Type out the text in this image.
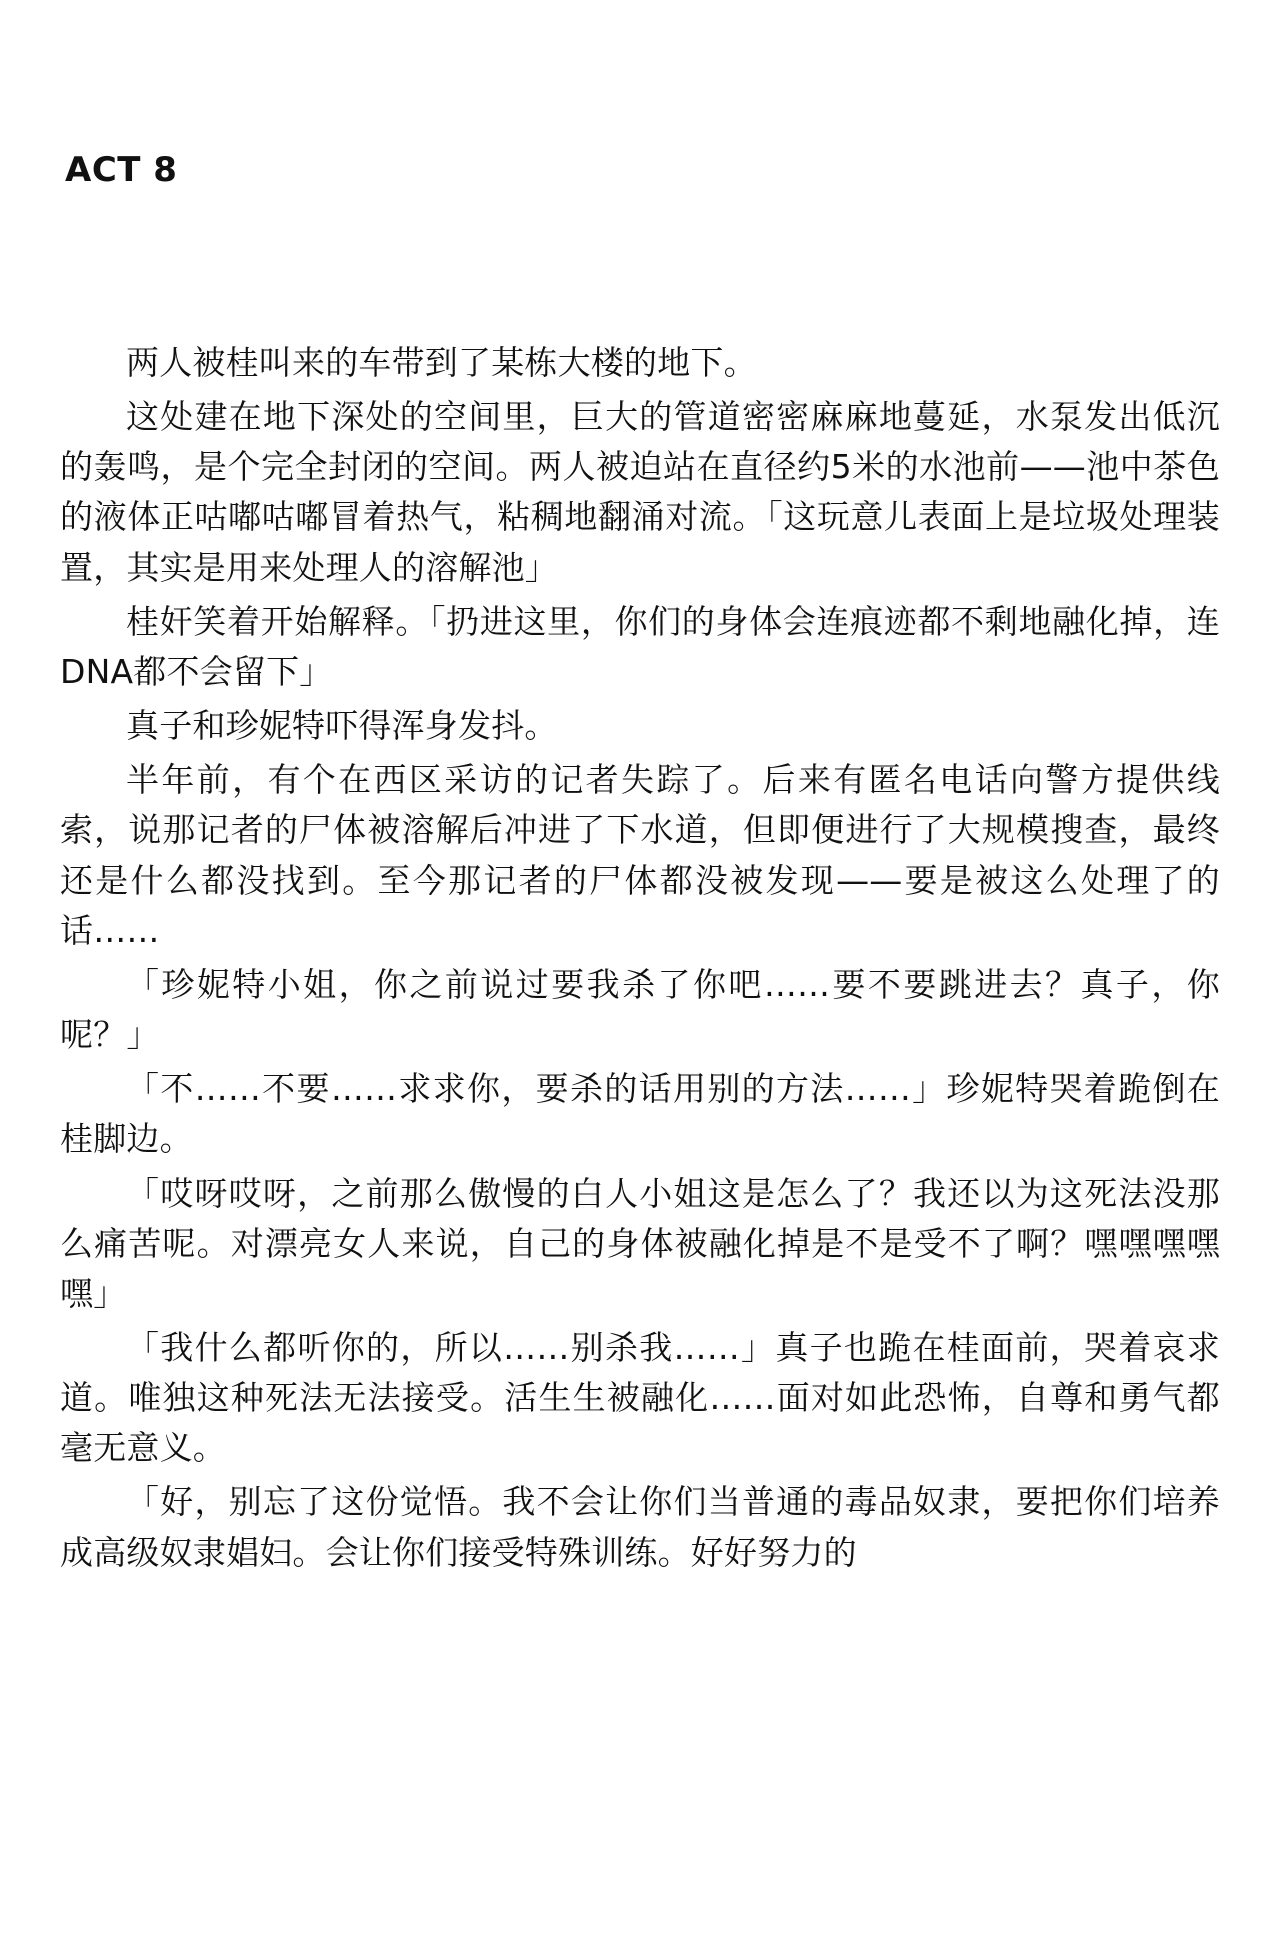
ACT 8

两人被桂叫来的车带到了某栋大楼的地下。

这处建在地下深处的空间里，巨大的管道密密麻麻地蔓延，水泵发出低沉的轰鸣，是个完全封闭的空间。两人被迫站在直径约5米的水池前——池中茶色的液体正咕嘟咕嘟冒着热气，粘稠地翻涌对流。「这玩意儿表面上是垃圾处理装置，其实是用来处理人的溶解池」

桂奸笑着开始解释。「扔进这里，你们的身体会连痕迹都不剩地融化掉，连DNA都不会留下」

真子和珍妮特吓得浑身发抖。

半年前，有个在西区采访的记者失踪了。后来有匿名电话向警方提供线索，说那记者的尸体被溶解后冲进了下水道，但即便进行了大规模搜查，最终还是什么都没找到。至今那记者的尸体都没被发现——要是被这么处理了的话……

「珍妮特小姐，你之前说过要我杀了你吧……要不要跳进去？真子，你呢？」

「不……不要……求求你，要杀的话用别的方法……」珍妮特哭着跪倒在桂脚边。

「哎呀哎呀，之前那么傲慢的白人小姐这是怎么了？我还以为这死法没那么痛苦呢。对漂亮女人来说，自己的身体被融化掉是不是受不了啊？嘿嘿嘿嘿嘿」

「我什么都听你的，所以……别杀我……」真子也跪在桂面前，哭着哀求道。唯独这种死法无法接受。活生生被融化……面对如此恐怖，自尊和勇气都毫无意义。

「好，别忘了这份觉悟。我不会让你们当普通的毒品奴隶，要把你们培养成高级奴隶娼妇。会让你们接受特殊训练。好好努力的
